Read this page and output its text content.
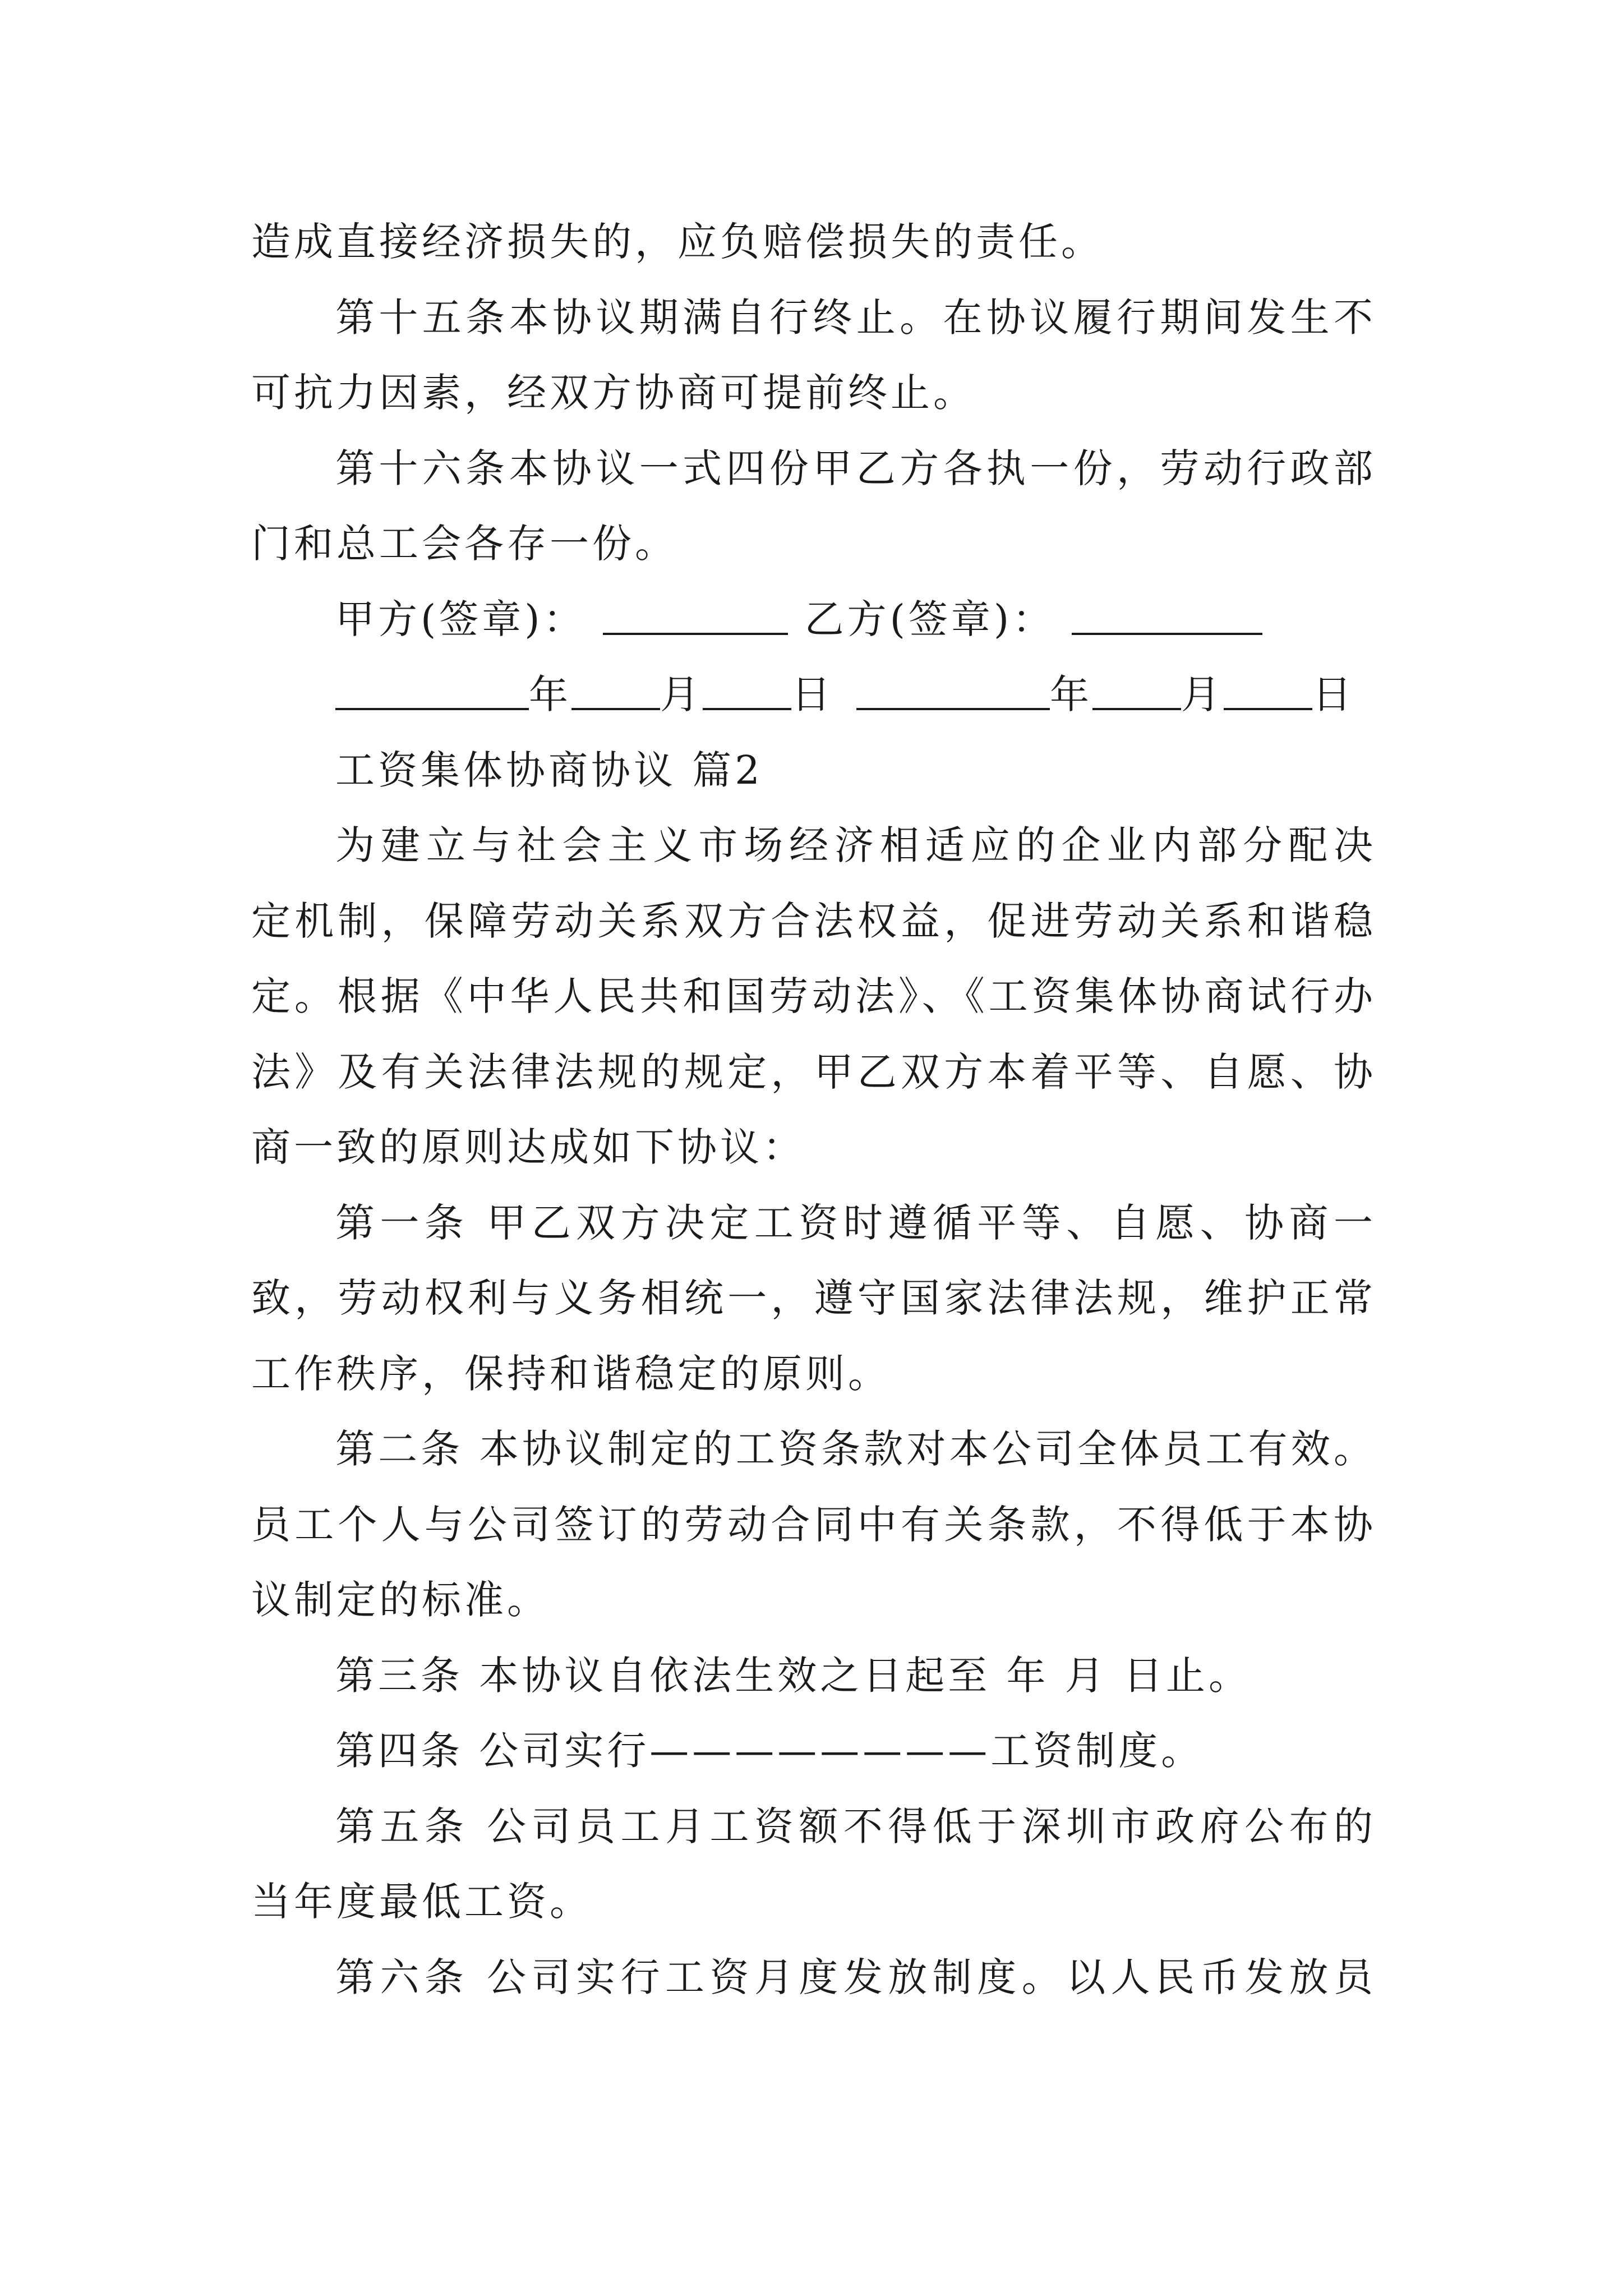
造成直接经济损失的，应负赔偿损失的责任。
第十五条本协议期满自行终止。在协议履行期间发生不
可抗力因素，经双方协商可提前终止。
第十六条本协议一式四份甲乙方各执一份，劳动行政部
门和总工会各存一份。
甲方(签章)：	乙方(签章)：
年 月 日	年 月 日
工资集体协商协议 篇2
为建立与社会主义市场经济相适应的企业内部分配决
定机制，保障劳动关系双方合法权益，促进劳动关系和谐稳
定。根据《中华人民共和国劳动法》、《工资集体协商试行办
法》及有关法律法规的规定，甲乙双方本着平等、自愿、协
商一致的原则达成如下协议：
第一条 甲乙双方决定工资时遵循平等、自愿、协商一
致，劳动权利与义务相统一，遵守国家法律法规，维护正常
工作秩序，保持和谐稳定的原则。
第二条 本协议制定的工资条款对本公司全体员工有效。
员工个人与公司签订的劳动合同中有关条款，不得低于本协
议制定的标准。
第三条 本协议自依法生效之日起至 年 月 日止。
第四条 公司实行————————工资制度。
第五条 公司员工月工资额不得低于深圳市政府公布的
当年度最低工资。
第六条 公司实行工资月度发放制度。以人民币发放员
